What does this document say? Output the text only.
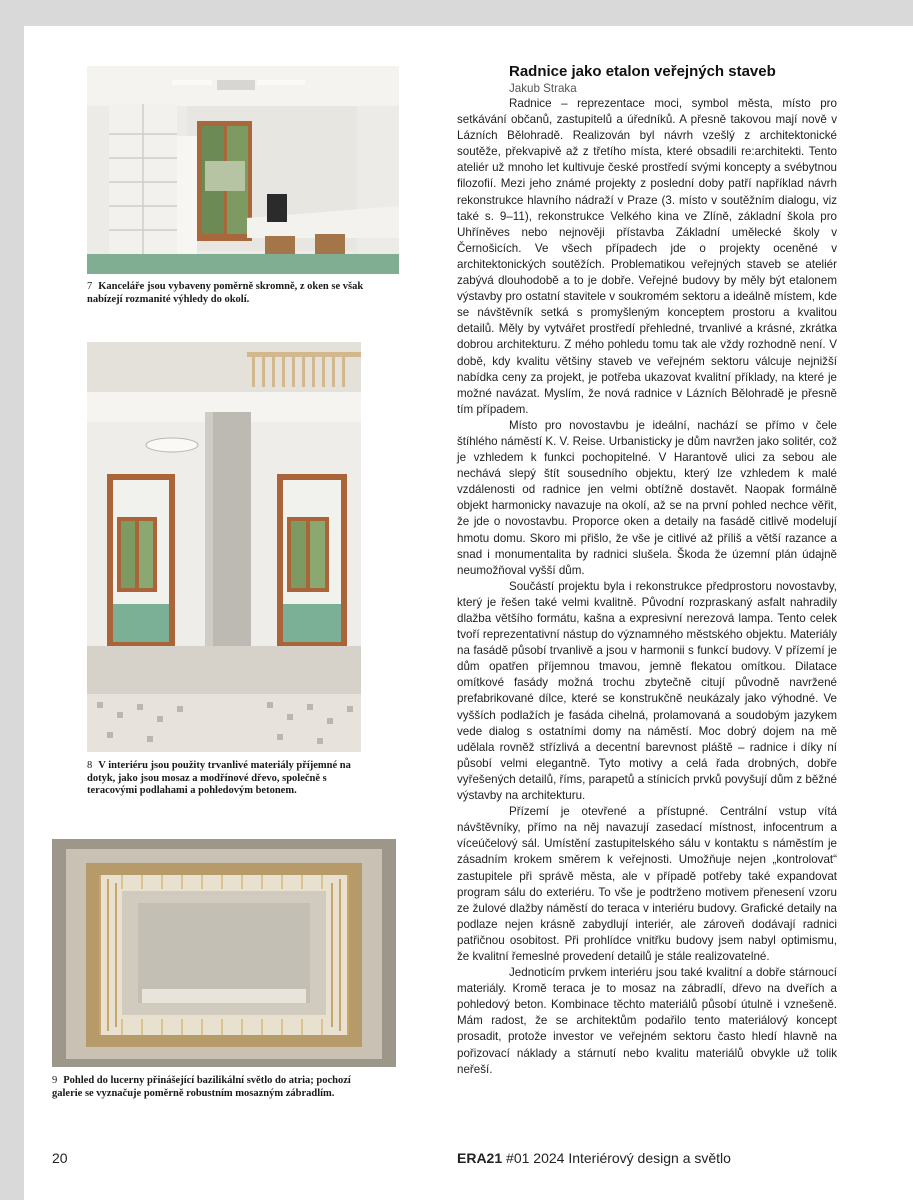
7 Kanceláře jsou vybaveny poměrně skromně, z oken se však nabízejí rozmanité výhledy do okolí.
8 V interiéru jsou použity trvanlivé materiály příjemné na dotyk, jako jsou mosaz a modřínové dřevo, společně s teracovými podlahami a pohledovým betonem.
9 Pohled do lucerny přinášející bazilikální světlo do atria; pochozí galerie se vyznačuje poměrně robustním mosazným zábradlím.
Radnice jako etalon veřejných staveb
Jakub Straka

Radnice – reprezentace moci, symbol města, místo pro setkávání občanů, zastupitelů a úředníků. A přesně takovou mají nově v Lázních Bělohradě. Realizován byl návrh vzešlý z architektonické soutěže, překvapivě až z třetího místa, které obsadili re:architekti. Tento ateliér už mnoho let kultivuje české prostředí svými koncepty a svébytnou filozofií. Mezi jeho známé projekty z poslední doby patří například návrh rekonstrukce hlavního nádraží v Praze (3. místo v soutěžním dialogu, viz také s. 9–11), rekonstrukce Velkého kina ve Zlíně, základní škola pro Uhříněves nebo nejnověji přístavba Základní umělecké školy v Černošicích. Ve všech případech jde o projekty oceněné v architektonických soutěžích. Problematikou veřejných staveb se ateliér zabývá dlouhodobě a to je dobře. Veřejné budovy by měly být etalonem výstavby pro ostatní stavitele v soukromém sektoru a ideálně místem, kde se návštěvník setká s promyšleným konceptem prostoru a kvalitou detailů. Měly by vytvářet prostředí přehledné, trvanlivé a krásné, zkrátka dobrou architekturu. Z mého pohledu tomu tak ale vždy rozhodně není. V době, kdy kvalitu většiny staveb ve veřejném sektoru válcuje nejnižší nabídka ceny za projekt, je potřeba ukazovat kvalitní příklady, na které je možné navázat. Myslím, že nová radnice v Lázních Bělohradě je přesně tím případem.

Místo pro novostavbu je ideální, nachází se přímo v čele štíhlého náměstí K. V. Reise. Urbanisticky je dům navržen jako solitér, což je vzhledem k funkci pochopitelné. V Harantově ulici za sebou ale nechává slepý štít sousedního objektu, který lze vzhledem k malé vzdálenosti od radnice jen velmi obtížně dostavět. Naopak formálně objekt harmonicky navazuje na okolí, až se na první pohled nechce věřit, že jde o novostavbu. Proporce oken a detaily na fasádě citlivě modelují hmotu domu. Skoro mi přišlo, že vše je citlivé až příliš a větší razance a snad i monumentalita by radnici slušela. Škoda že územní plán údajně neumožňoval vyšší dům.

Součástí projektu byla i rekonstrukce předprostoru novostavby, který je řešen také velmi kvalitně. Původní rozpraskaný asfalt nahradily dlažba většího formátu, kašna a expresivní nerezová lampa. Tento celek tvoří reprezentativní nástup do významného městského objektu. Materiály na fasádě působí trvanlivě a jsou v harmonii s funkcí budovy. V přízemí je dům opatřen příjemnou tmavou, jemně flekatou omítkou. Dilatace omítkové fasády možná trochu zbytečně citují původně navržené prefabrikované dílce, které se konstrukčně neukázaly jako výhodné. Ve vyšších podlažích je fasáda cihelná, prolamovaná a soudobým jazykem vede dialog s ostatními domy na náměstí. Moc dobrý dojem na mě udělala rovněž střízlivá a decentní barevnost pláště – radnice i díky ní působí velmi elegantně. Tyto motivy a celá řada drobných, dobře vyřešených detailů, říms, parapetů a stínicích prvků povyšují dům z běžné výstavby na architekturu.

Přízemí je otevřené a přístupné. Centrální vstup vítá návštěvníky, přímo na něj navazují zasedací místnost, infocentrum a víceúčelový sál. Umístění zastupitelského sálu v kontaktu s náměstím je zásadním krokem směrem k veřejnosti. Umožňuje nejen „kontrolovat“ zastupitele při správě města, ale v případě potřeby také expandovat program sálu do exteriéru. To vše je podtrženo motivem přenesení vzoru ze žulové dlažby náměstí do teraca v interiéru budovy. Grafické detaily na podlaze nejen krásně zabydlují interiér, ale zároveň dodávají radnici patřičnou osobitost. Při prohlídce vnitřku budovy jsem nabyl optimismu, že kvalitní řemeslné provedení detailů je stále realizovatelné.

Jednoticím prvkem interiéru jsou také kvalitní a dobře stárnoucí materiály. Kromě teraca je to mosaz na zábradlí, dřevo na dveřích a pohledový beton. Kombinace těchto materiálů působí útulně i vznešeně. Mám radost, že se architektům podařilo tento materiálový koncept prosadit, protože investor ve veřejném sektoru často hledí hlavně na pořizovací náklady a stárnutí nebo kvalitu materiálů obvykle už tolik neřeší.

20	ERA21 #01 2024 Interiérový design a světlo
